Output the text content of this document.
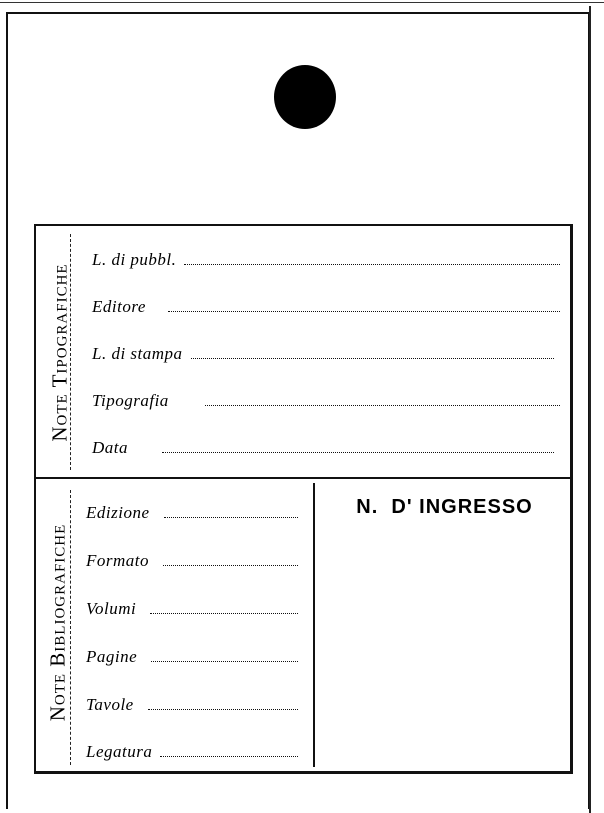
Note Tipografiche
Note Bibliografiche
L. di pubbl.
Editore
L. di stampa
Tipografia
Data
Edizione
Formato
Volumi
Pagine
Tavole
Legatura
N.  D' INGRESSO
